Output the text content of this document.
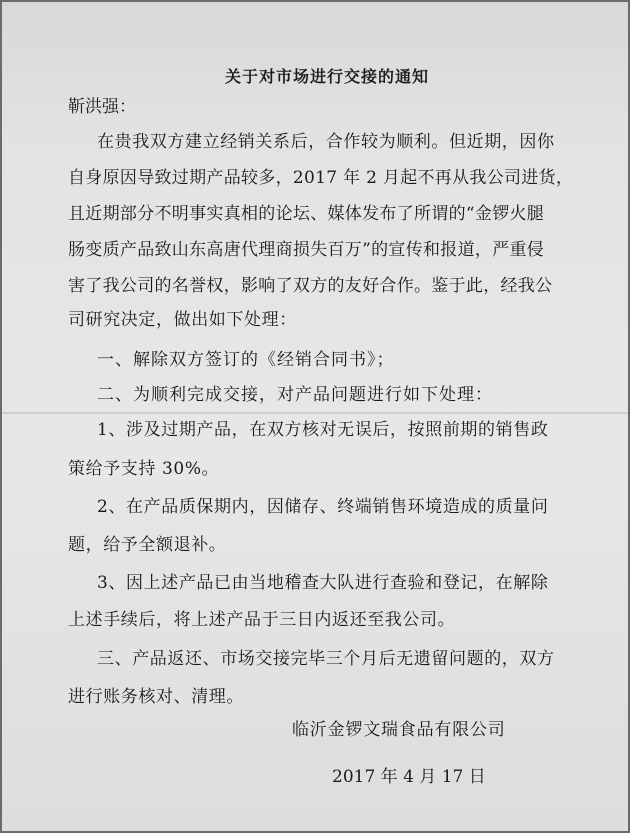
关于对市场进行交接的通知
靳洪强：
在贵我双方建立经销关系后，合作较为顺利。但近期，因你
自身原因导致过期产品较多，2017 年 2 月起不再从我公司进货，
且近期部分不明事实真相的论坛、媒体发布了所谓的“金锣火腿
肠变质产品致山东高唐代理商损失百万”的宣传和报道，严重侵
害了我公司的名誉权，影响了双方的友好合作。鉴于此，经我公
司研究决定，做出如下处理：
一、解除双方签订的《经销合同书》；
二、为顺利完成交接，对产品问题进行如下处理：
1、涉及过期产品，在双方核对无误后，按照前期的销售政
策给予支持 30%。
2、在产品质保期内，因储存、终端销售环境造成的质量问
题，给予全额退补。
3、因上述产品已由当地稽查大队进行查验和登记，在解除
上述手续后，将上述产品于三日内返还至我公司。
三、产品返还、市场交接完毕三个月后无遗留问题的，双方
进行账务核对、清理。
临沂金锣文瑞食品有限公司
2017 年 4 月 17 日
